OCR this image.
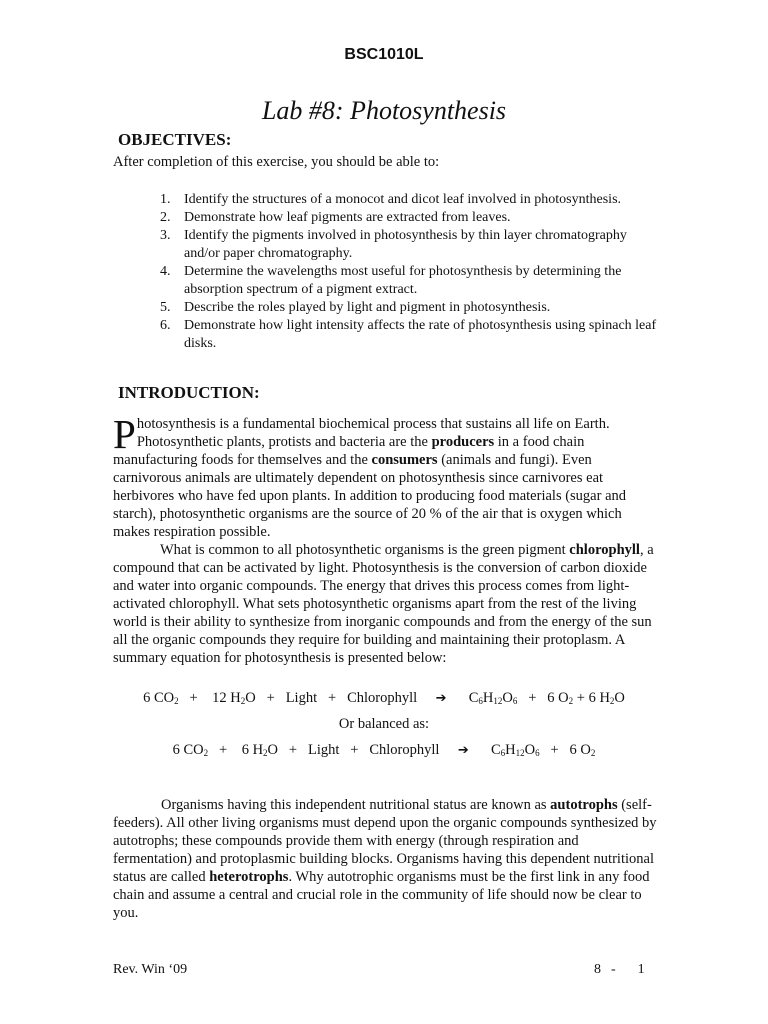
BSC1010L
Lab #8: Photosynthesis
OBJECTIVES:
After completion of this exercise, you should be able to:
1. Identify the structures of a monocot and dicot leaf involved in photosynthesis.
2. Demonstrate how leaf pigments are extracted from leaves.
3. Identify the pigments involved in photosynthesis by thin layer chromatography and/or paper chromatography.
4. Determine the wavelengths most useful for photosynthesis by determining the absorption spectrum of a pigment extract.
5. Describe the roles played by light and pigment in photosynthesis.
6. Demonstrate how light intensity affects the rate of photosynthesis using spinach leaf disks.
INTRODUCTION:
Photosynthesis is a fundamental biochemical process that sustains all life on Earth. Photosynthetic plants, protists and bacteria are the producers in a food chain manufacturing foods for themselves and the consumers (animals and fungi). Even carnivorous animals are ultimately dependent on photosynthesis since carnivores eat herbivores who have fed upon plants. In addition to producing food materials (sugar and starch), photosynthetic organisms are the source of 20 % of the air that is oxygen which makes respiration possible.
What is common to all photosynthetic organisms is the green pigment chlorophyll, a compound that can be activated by light. Photosynthesis is the conversion of carbon dioxide and water into organic compounds. The energy that drives this process comes from light-activated chlorophyll. What sets photosynthetic organisms apart from the rest of the living world is their ability to synthesize from inorganic compounds and from the energy of the sun all the organic compounds they require for building and maintaining their protoplasm. A summary equation for photosynthesis is presented below:
6 $CO_2 + 12$ $H_2O$   + Light + Chlorophyll ➔     $C_6H_{12}O_6 + 6$ $O_2 + 6$ $H_2O$
Or balanced as:
6 $CO_2 + 6$ $H_2O$   + Light + Chlorophyll ➔     $C_6H_{12}O_6 + 6$ $O_2$
Organisms having this independent nutritional status are known as autotrophs (self-feeders). All other living organisms must depend upon the organic compounds synthesized by autotrophs; these compounds provide them with energy (through respiration and fermentation) and protoplasmic building blocks. Organisms having this dependent nutritional status are called heterotrophs. Why autotrophic organisms must be the first link in any food chain and assume a central and crucial role in the community of life should now be clear to you.
Rev. Win ‘09	8 - 1
